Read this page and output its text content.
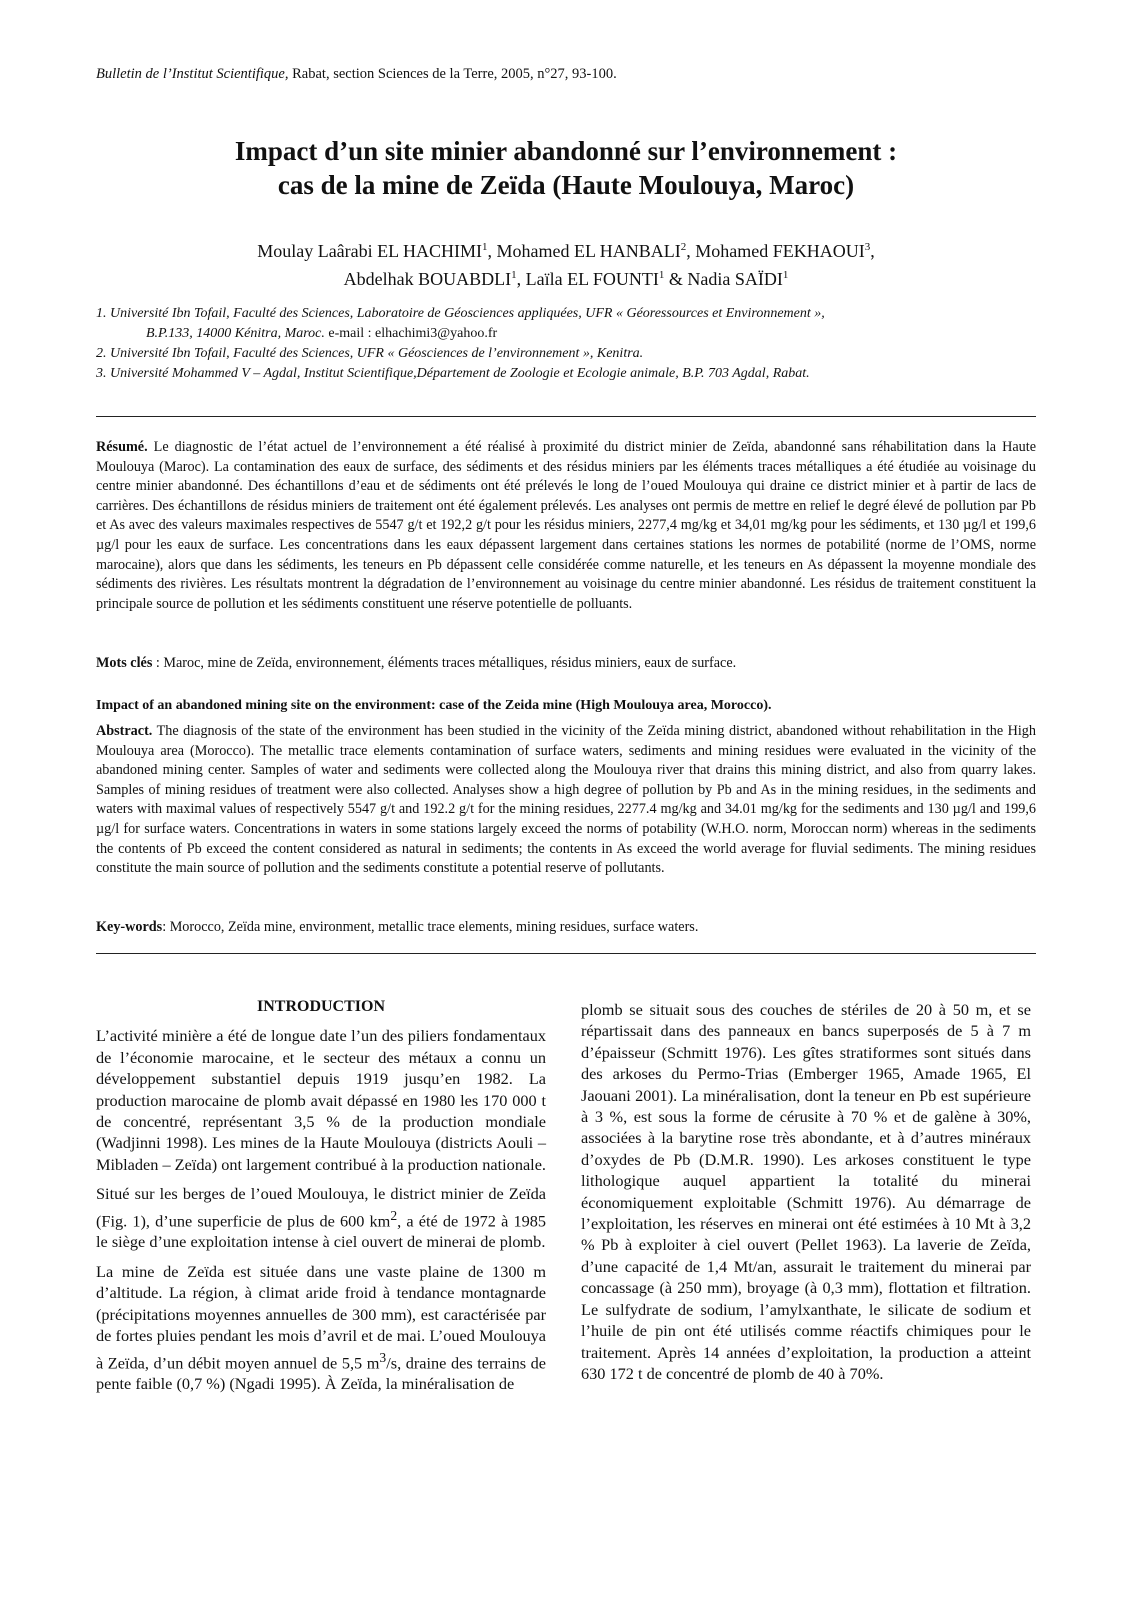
Bulletin de l’Institut Scientifique, Rabat, section Sciences de la Terre, 2005, n°27, 93-100.
Impact d’un site minier abandonné sur l’environnement :
cas de la mine de Zeïda (Haute Moulouya, Maroc)
Moulay Laârabi EL HACHIMI$^1$, Mohamed EL HANBALI$^2$, Mohamed FEKHAOUI$^3$,
Abdelhak BOUABDLI$^1$, Laïla EL FOUNTI$^1$ & Nadia SAÏDI$^1$
1. Université Ibn Tofail, Faculté des Sciences, Laboratoire de Géosciences appliquées, UFR « Géoressources et Environnement »,
B.P.133, 14000 Kénitra, Maroc. e-mail : elhachimi3@yahoo.fr
2. Université Ibn Tofail, Faculté des Sciences, UFR « Géosciences de l’environnement », Kenitra.
3. Université Mohammed V – Agdal, Institut Scientifique,Département de Zoologie et Ecologie animale, B.P. 703 Agdal, Rabat.
Résumé. Le diagnostic de l’état actuel de l’environnement a été réalisé à proximité du district minier de Zeïda, abandonné sans réhabilitation dans la Haute Moulouya (Maroc). La contamination des eaux de surface, des sédiments et des résidus miniers par les éléments traces métalliques a été étudiée au voisinage du centre minier abandonné. Des échantillons d’eau et de sédiments ont été prélevés le long de l’oued Moulouya qui draine ce district minier et à partir de lacs de carrières. Des échantillons de résidus miniers de traitement ont été également prélevés. Les analyses ont permis de mettre en relief le degré élevé de pollution par Pb et As avec des valeurs maximales respectives de 5547 g/t et 192,2 g/t pour les résidus miniers, 2277,4 mg/kg et 34,01 mg/kg pour les sédiments, et 130 µg/l et 199,6 µg/l pour les eaux de surface. Les concentrations dans les eaux dépassent largement dans certaines stations les normes de potabilité (norme de l’OMS, norme marocaine), alors que dans les sédiments, les teneurs en Pb dépassent celle considérée comme naturelle, et les teneurs en As dépassent la moyenne mondiale des sédiments des rivières. Les résultats montrent la dégradation de l’environnement au voisinage du centre minier abandonné. Les résidus de traitement constituent la principale source de pollution et les sédiments constituent une réserve potentielle de polluants.
Mots clés : Maroc, mine de Zeïda, environnement, éléments traces métalliques, résidus miniers, eaux de surface.
Impact of an abandoned mining site on the environment: case of the Zeida mine (High Moulouya area, Morocco).
Abstract. The diagnosis of the state of the environment has been studied in the vicinity of the Zeïda mining district, abandoned without rehabilitation in the High Moulouya area (Morocco). The metallic trace elements contamination of surface waters, sediments and mining residues were evaluated in the vicinity of the abandoned mining center. Samples of water and sediments were collected along the Moulouya river that drains this mining district, and also from quarry lakes. Samples of mining residues of treatment were also collected. Analyses show a high degree of pollution by Pb and As in the mining residues, in the sediments and waters with maximal values of respectively 5547 g/t and 192.2 g/t for the mining residues, 2277.4 mg/kg and 34.01 mg/kg for the sediments and 130 µg/l and 199,6 µg/l for surface waters. Concentrations in waters in some stations largely exceed the norms of potability (W.H.O. norm, Moroccan norm) whereas in the sediments the contents of Pb exceed the content considered as natural in sediments; the contents in As exceed the world average for fluvial sediments. The mining residues constitute the main source of pollution and the sediments constitute a potential reserve of pollutants.
Key-words: Morocco, Zeïda mine, environment, metallic trace elements, mining residues, surface waters.
INTRODUCTION

L’activité minière a été de longue date l’un des piliers fondamentaux de l’économie marocaine, et le secteur des métaux a connu un développement substantiel depuis 1919 jusqu’en 1982. La production marocaine de plomb avait dépassé en 1980 les 170 000 t de concentré, représentant 3,5 % de la production mondiale (Wadjinni 1998). Les mines de la Haute Moulouya (districts Aouli – Mibladen – Zeïda) ont largement contribué à la production nationale.

Situé sur les berges de l’oued Moulouya, le district minier de Zeïda (Fig. 1), d’une superficie de plus de 600 $km^2$, a été de 1972 à 1985 le siège d’une exploitation intense à ciel ouvert de minerai de plomb.

La mine de Zeïda est située dans une vaste plaine de 1300 m d’altitude. La région, à climat aride froid à tendance montagnarde (précipitations moyennes annuelles de 300 mm), est caractérisée par de fortes pluies pendant les mois d’avril et de mai. L’oued Moulouya à Zeïda, d’un débit moyen annuel de 5,5 $m^3/s$, draine des terrains de pente faible (0,7 %) (Ngadi 1995). À Zeïda, la minéralisation de

plomb se situait sous des couches de stériles de 20 à 50 m, et se répartissait dans des panneaux en bancs superposés de 5 à 7 m d’épaisseur (Schmitt 1976). Les gîtes stratiformes sont situés dans des arkoses du Permo-Trias (Emberger 1965, Amade 1965, El Jaouani 2001). La minéralisation, dont la teneur en Pb est supérieure à 3 %, est sous la forme de cérusite à 70 % et de galène à 30%, associées à la barytine rose très abondante, et à d’autres minéraux d’oxydes de Pb (D.M.R. 1990). Les arkoses constituent le type lithologique auquel appartient la totalité du minerai économiquement exploitable (Schmitt 1976). Au démarrage de l’exploitation, les réserves en minerai ont été estimées à 10 Mt à 3,2 % Pb à exploiter à ciel ouvert (Pellet 1963). La laverie de Zeïda, d’une capacité de 1,4 Mt/an, assurait le traitement du minerai par concassage (à 250 mm), broyage (à 0,3 mm), flottation et filtration. Le sulfydrate de sodium, l’amylxanthate, le silicate de sodium et l’huile de pin ont été utilisés comme réactifs chimiques pour le traitement. Après 14 années d’exploitation, la production a atteint 630 172 t de concentré de plomb de 40 à 70%.
